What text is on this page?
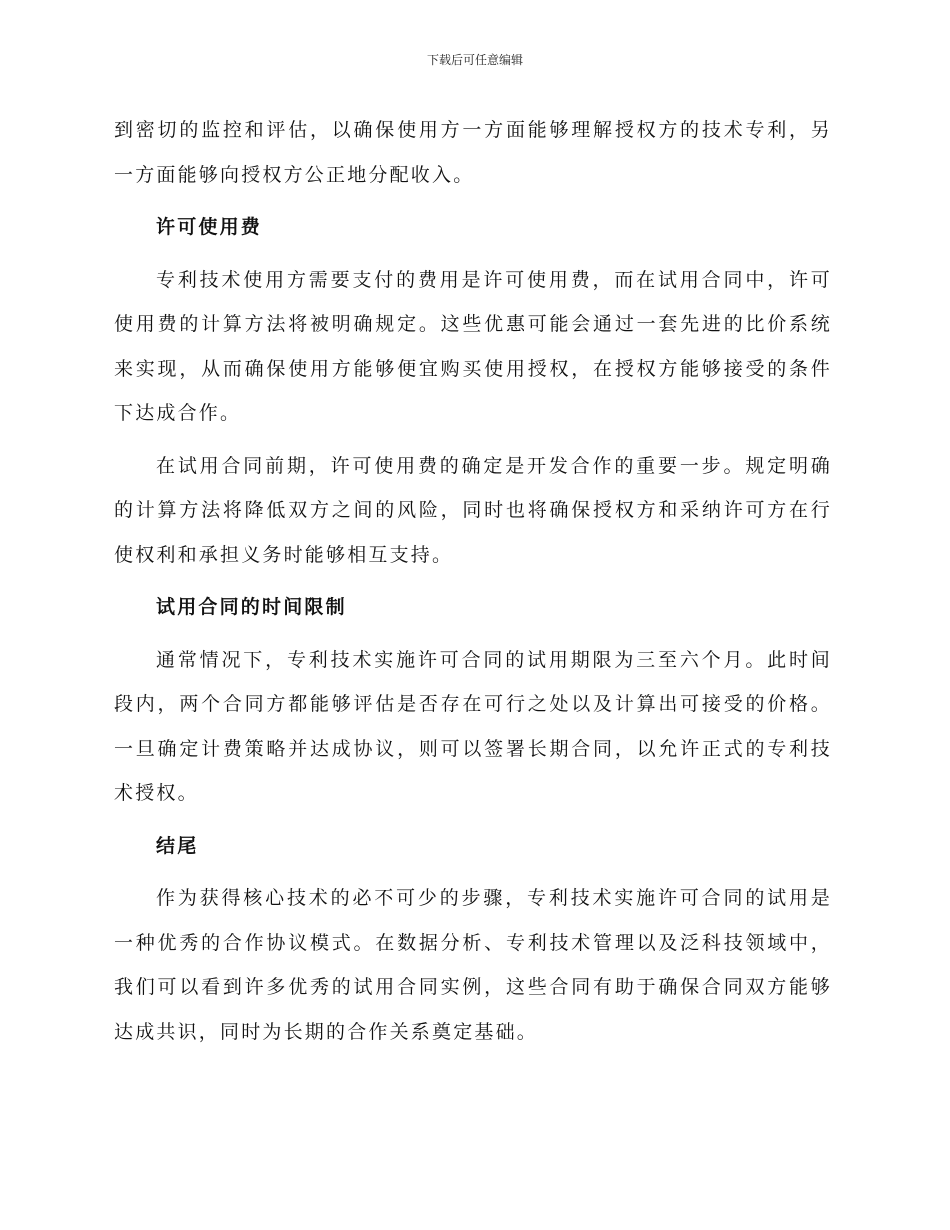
下载后可任意编辑

到密切的监控和评估，以确保使用方一方面能够理解授权方的技术专利，另一方面能够向授权方公正地分配收入。

许可使用费

专利技术使用方需要支付的费用是许可使用费，而在试用合同中，许可使用费的计算方法将被明确规定。这些优惠可能会通过一套先进的比价系统来实现，从而确保使用方能够便宜购买使用授权，在授权方能够接受的条件下达成合作。

在试用合同前期，许可使用费的确定是开发合作的重要一步。规定明确的计算方法将降低双方之间的风险，同时也将确保授权方和采纳许可方在行使权利和承担义务时能够相互支持。

试用合同的时间限制

通常情况下，专利技术实施许可合同的试用期限为三至六个月。此时间段内，两个合同方都能够评估是否存在可行之处以及计算出可接受的价格。一旦确定计费策略并达成协议，则可以签署长期合同，以允许正式的专利技术授权。

结尾

作为获得核心技术的必不可少的步骤，专利技术实施许可合同的试用是一种优秀的合作协议模式。在数据分析、专利技术管理以及泛科技领域中，我们可以看到许多优秀的试用合同实例，这些合同有助于确保合同双方能够达成共识，同时为长期的合作关系奠定基础。
